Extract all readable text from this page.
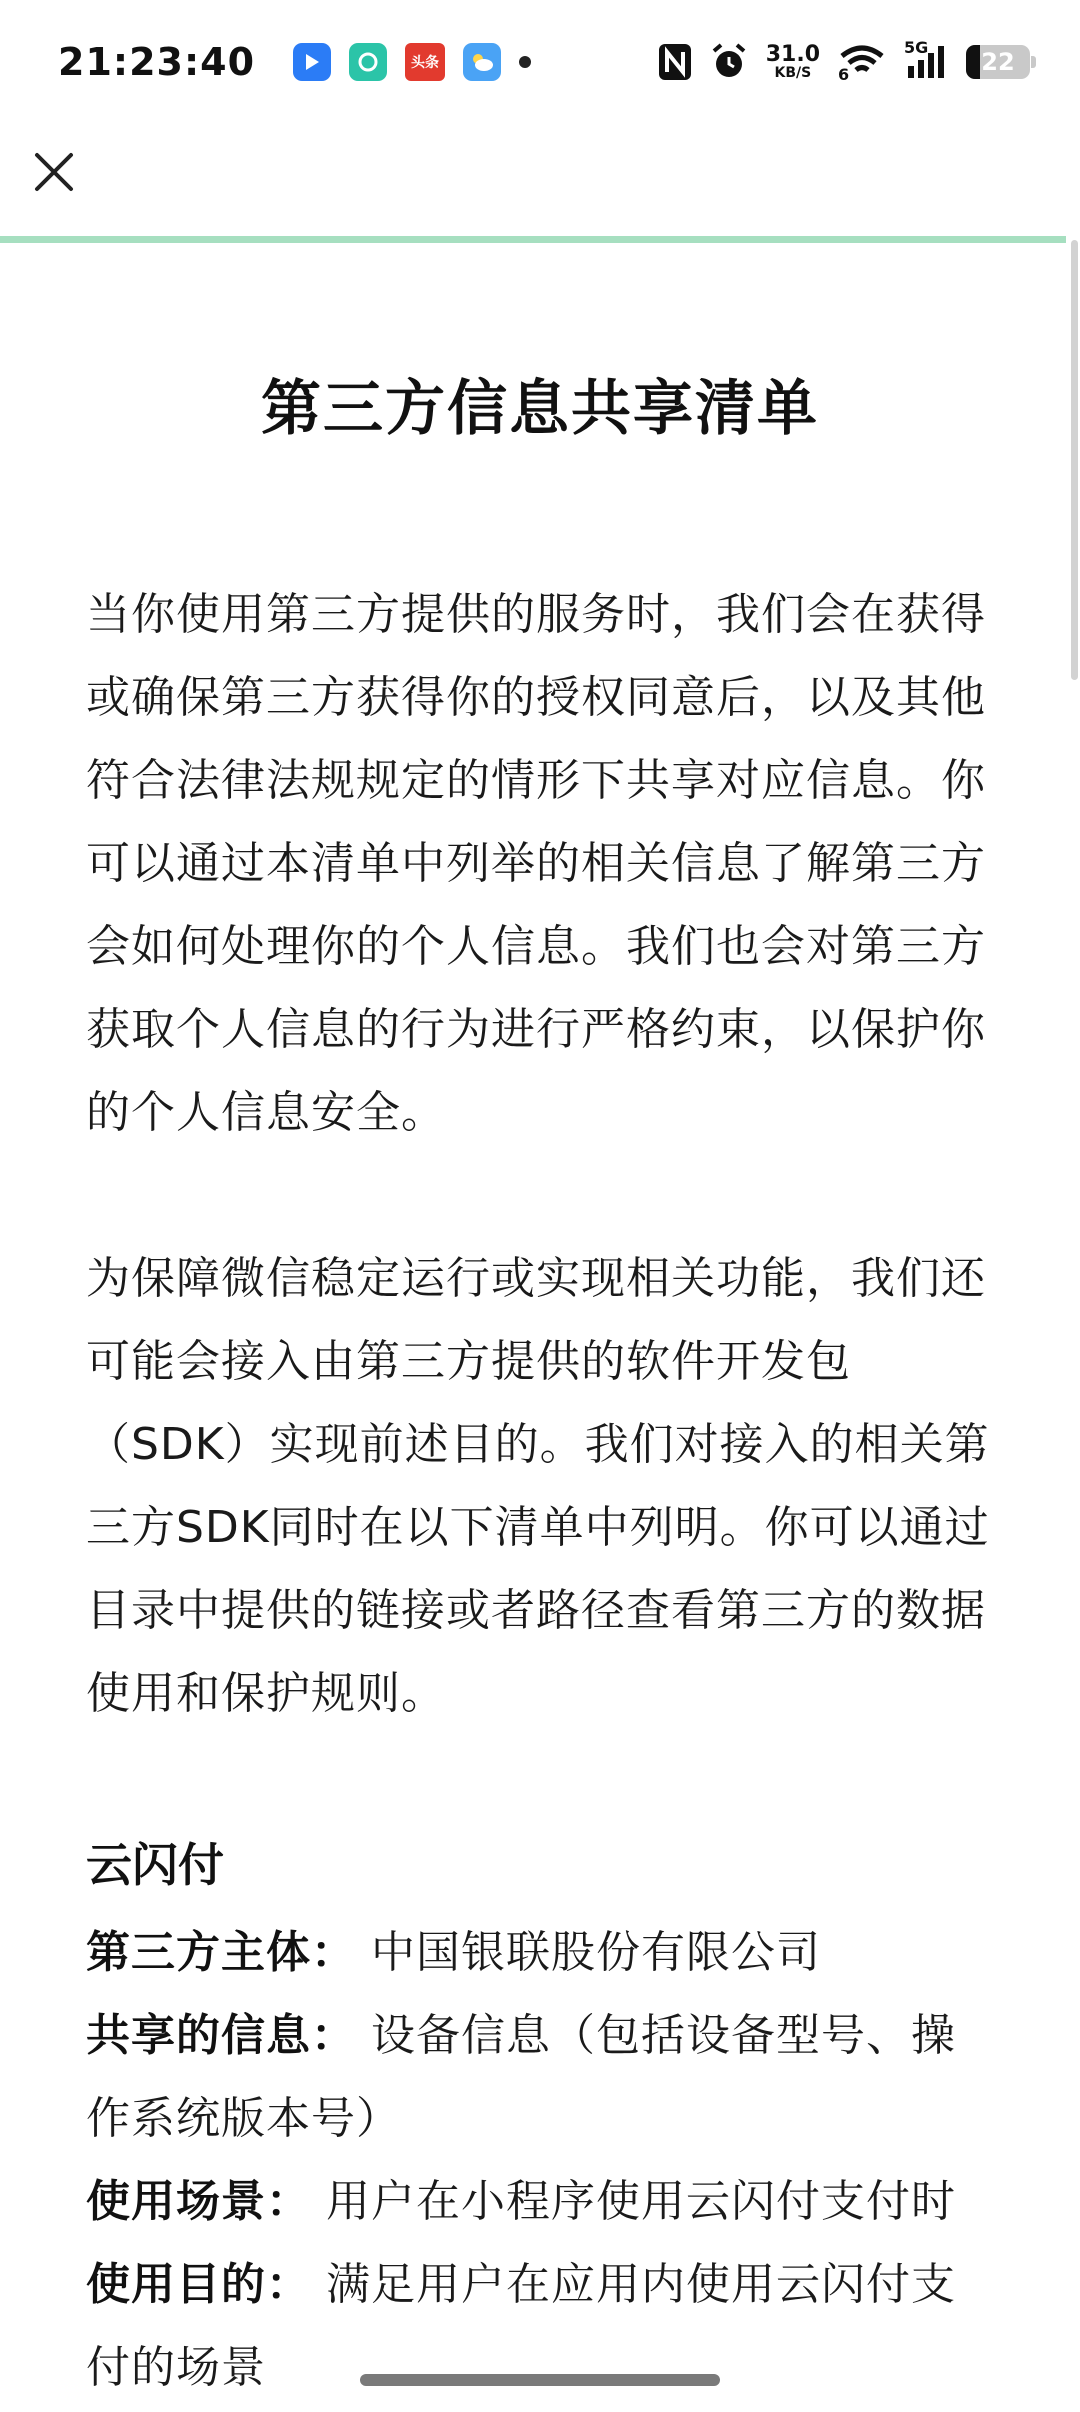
21:23:40	头条	31.0
KB/S 6
5G
22
第三方信息共享清单
当你使用第三方提供的服务时，我们会在获得或确保第三方获得你的授权同意后，以及其他符合法律法规规定的情形下共享对应信息。你可以通过本清单中列举的相关信息了解第三方会如何处理你的个人信息。我们也会对第三方获取个人信息的行为进行严格约束，以保护你的个人信息安全。
为保障微信稳定运行或实现相关功能，我们还可能会接入由第三方提供的软件开发包（SDK）实现前述目的。我们对接入的相关第三方SDK同时在以下清单中列明。你可以通过目录中提供的链接或者路径查看第三方的数据使用和保护规则。
云闪付
第三方主体： 中国银联股份有限公司
共享的信息： 设备信息（包括设备型号、操作系统版本号）
使用场景： 用户在小程序使用云闪付支付时
使用目的： 满足用户在应用内使用云闪付支付的场景
